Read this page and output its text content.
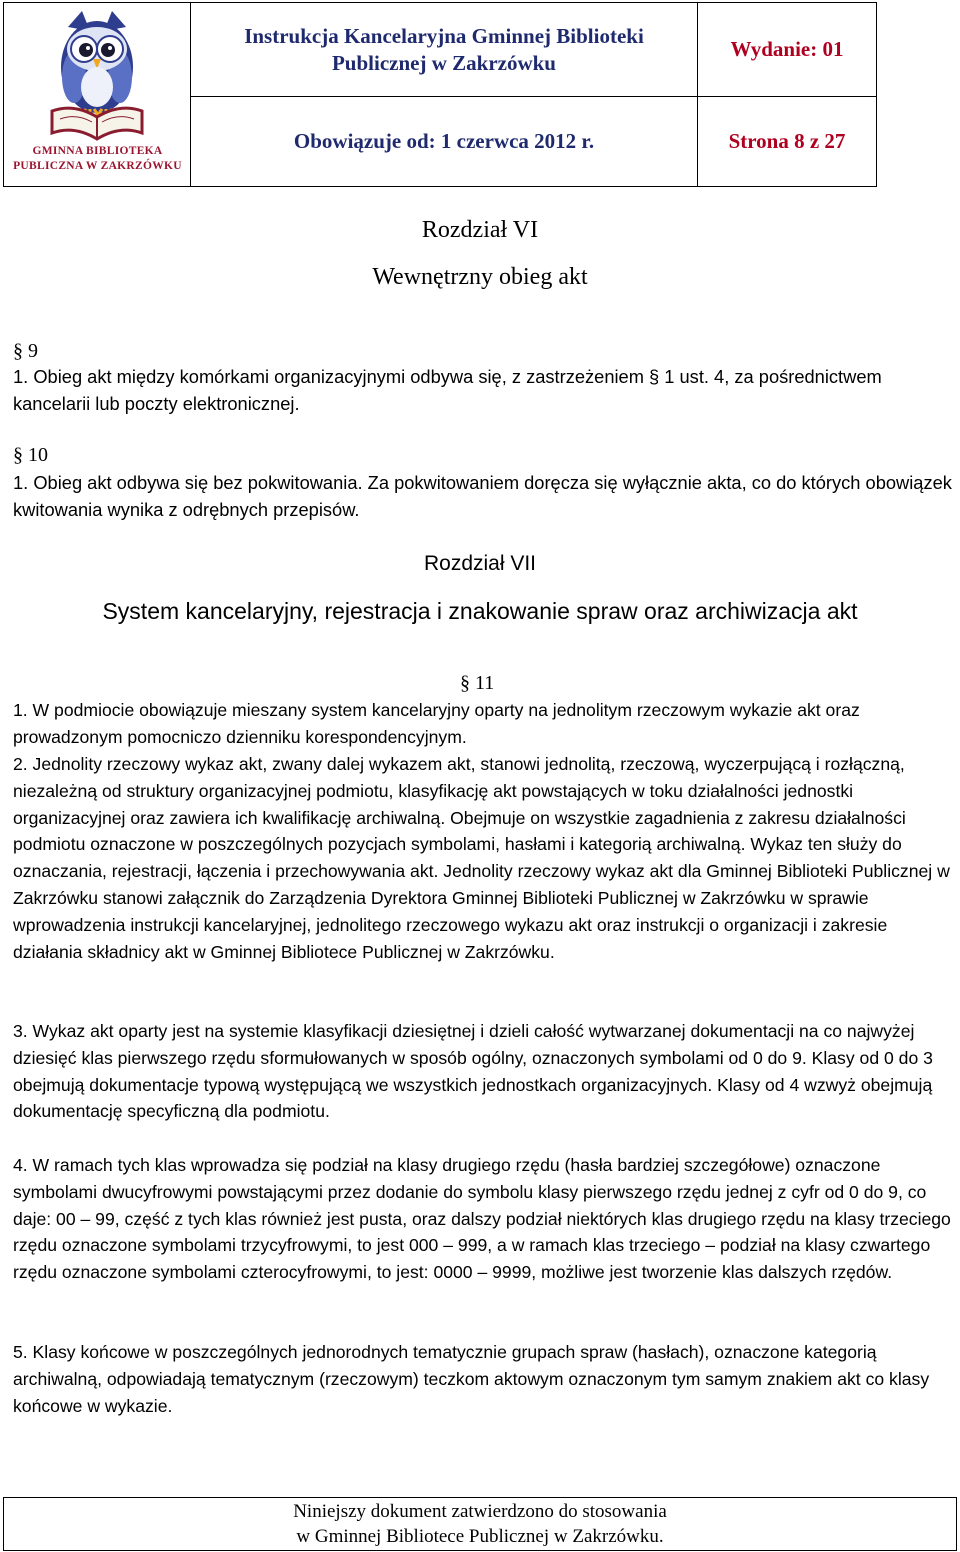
GMINNA BIBLIOTEKA
PUBLICZNA W ZAKRZÓWKU
Instrukcja Kancelaryjna Gminnej Biblioteki
Publicznej w Zakrzówku
Wydanie: 01
Obowiązuje od: 1 czerwca 2012 r.	Strona 8 z 27
Rozdział VI
Wewnętrzny obieg akt
§ 9

1. Obieg akt między komórkami organizacyjnymi odbywa się, z zastrzeżeniem § 1 ust. 4, za pośrednictwem kancelarii lub poczty elektronicznej.

§ 10

1. Obieg akt odbywa się bez pokwitowania. Za pokwitowaniem doręcza się wyłącznie akta, co do których obowiązek kwitowania wynika z odrębnych przepisów.

Rozdział VII
System kancelaryjny, rejestracja i znakowanie spraw oraz archiwizacja akt
§ 11

1. W podmiocie obowiązuje mieszany system kancelaryjny oparty na jednolitym rzeczowym wykazie akt oraz prowadzonym pomocniczo dzienniku korespondencyjnym.

2. Jednolity rzeczowy wykaz akt, zwany dalej wykazem akt, stanowi jednolitą, rzeczową, wyczerpującą i rozłączną, niezależną od struktury organizacyjnej podmiotu, klasyfikację akt powstających w toku działalności jednostki organizacyjnej oraz zawiera ich kwalifikację archiwalną. Obejmuje on wszystkie zagadnienia z zakresu działalności podmiotu oznaczone w poszczególnych pozycjach symbolami, hasłami i kategorią archiwalną. Wykaz ten służy do oznaczania, rejestracji, łączenia i przechowywania akt. Jednolity rzeczowy wykaz akt dla Gminnej Biblioteki Publicznej w Zakrzówku stanowi załącznik do Zarządzenia Dyrektora Gminnej Biblioteki Publicznej w Zakrzówku w sprawie wprowadzenia instrukcji kancelaryjnej, jednolitego rzeczowego wykazu akt oraz instrukcji o organizacji i zakresie działania składnicy akt w Gminnej Bibliotece Publicznej w Zakrzówku.

3. Wykaz akt oparty jest na systemie klasyfikacji dziesiętnej i dzieli całość wytwarzanej dokumentacji na co najwyżej dziesięć klas pierwszego rzędu sformułowanych w sposób ogólny, oznaczonych symbolami od 0 do 9. Klasy od 0 do 3 obejmują dokumentacje typową występującą we wszystkich jednostkach organizacyjnych. Klasy od 4 wzwyż obejmują dokumentację specyficzną dla podmiotu.

4. W ramach tych klas wprowadza się podział na klasy drugiego rzędu (hasła bardziej szczegółowe) oznaczone symbolami dwucyfrowymi powstającymi przez dodanie do symbolu klasy pierwszego rzędu jednej z cyfr od 0 do 9, co daje: 00 – 99, część z tych klas również jest pusta, oraz dalszy podział niektórych klas drugiego rzędu na klasy trzeciego rzędu oznaczone symbolami trzycyfrowymi, to jest 000 – 999, a w ramach klas trzeciego – podział na klasy czwartego rzędu oznaczone symbolami czterocyfrowymi, to jest: 0000 – 9999, możliwe jest tworzenie klas dalszych rzędów.

5. Klasy końcowe w poszczególnych jednorodnych tematycznie grupach spraw (hasłach), oznaczone kategorią archiwalną, odpowiadają tematycznym (rzeczowym) teczkom aktowym oznaczonym tym samym znakiem akt co klasy końcowe w wykazie.

Niniejszy dokument zatwierdzono do stosowania
w Gminnej Bibliotece Publicznej w Zakrzówku.
